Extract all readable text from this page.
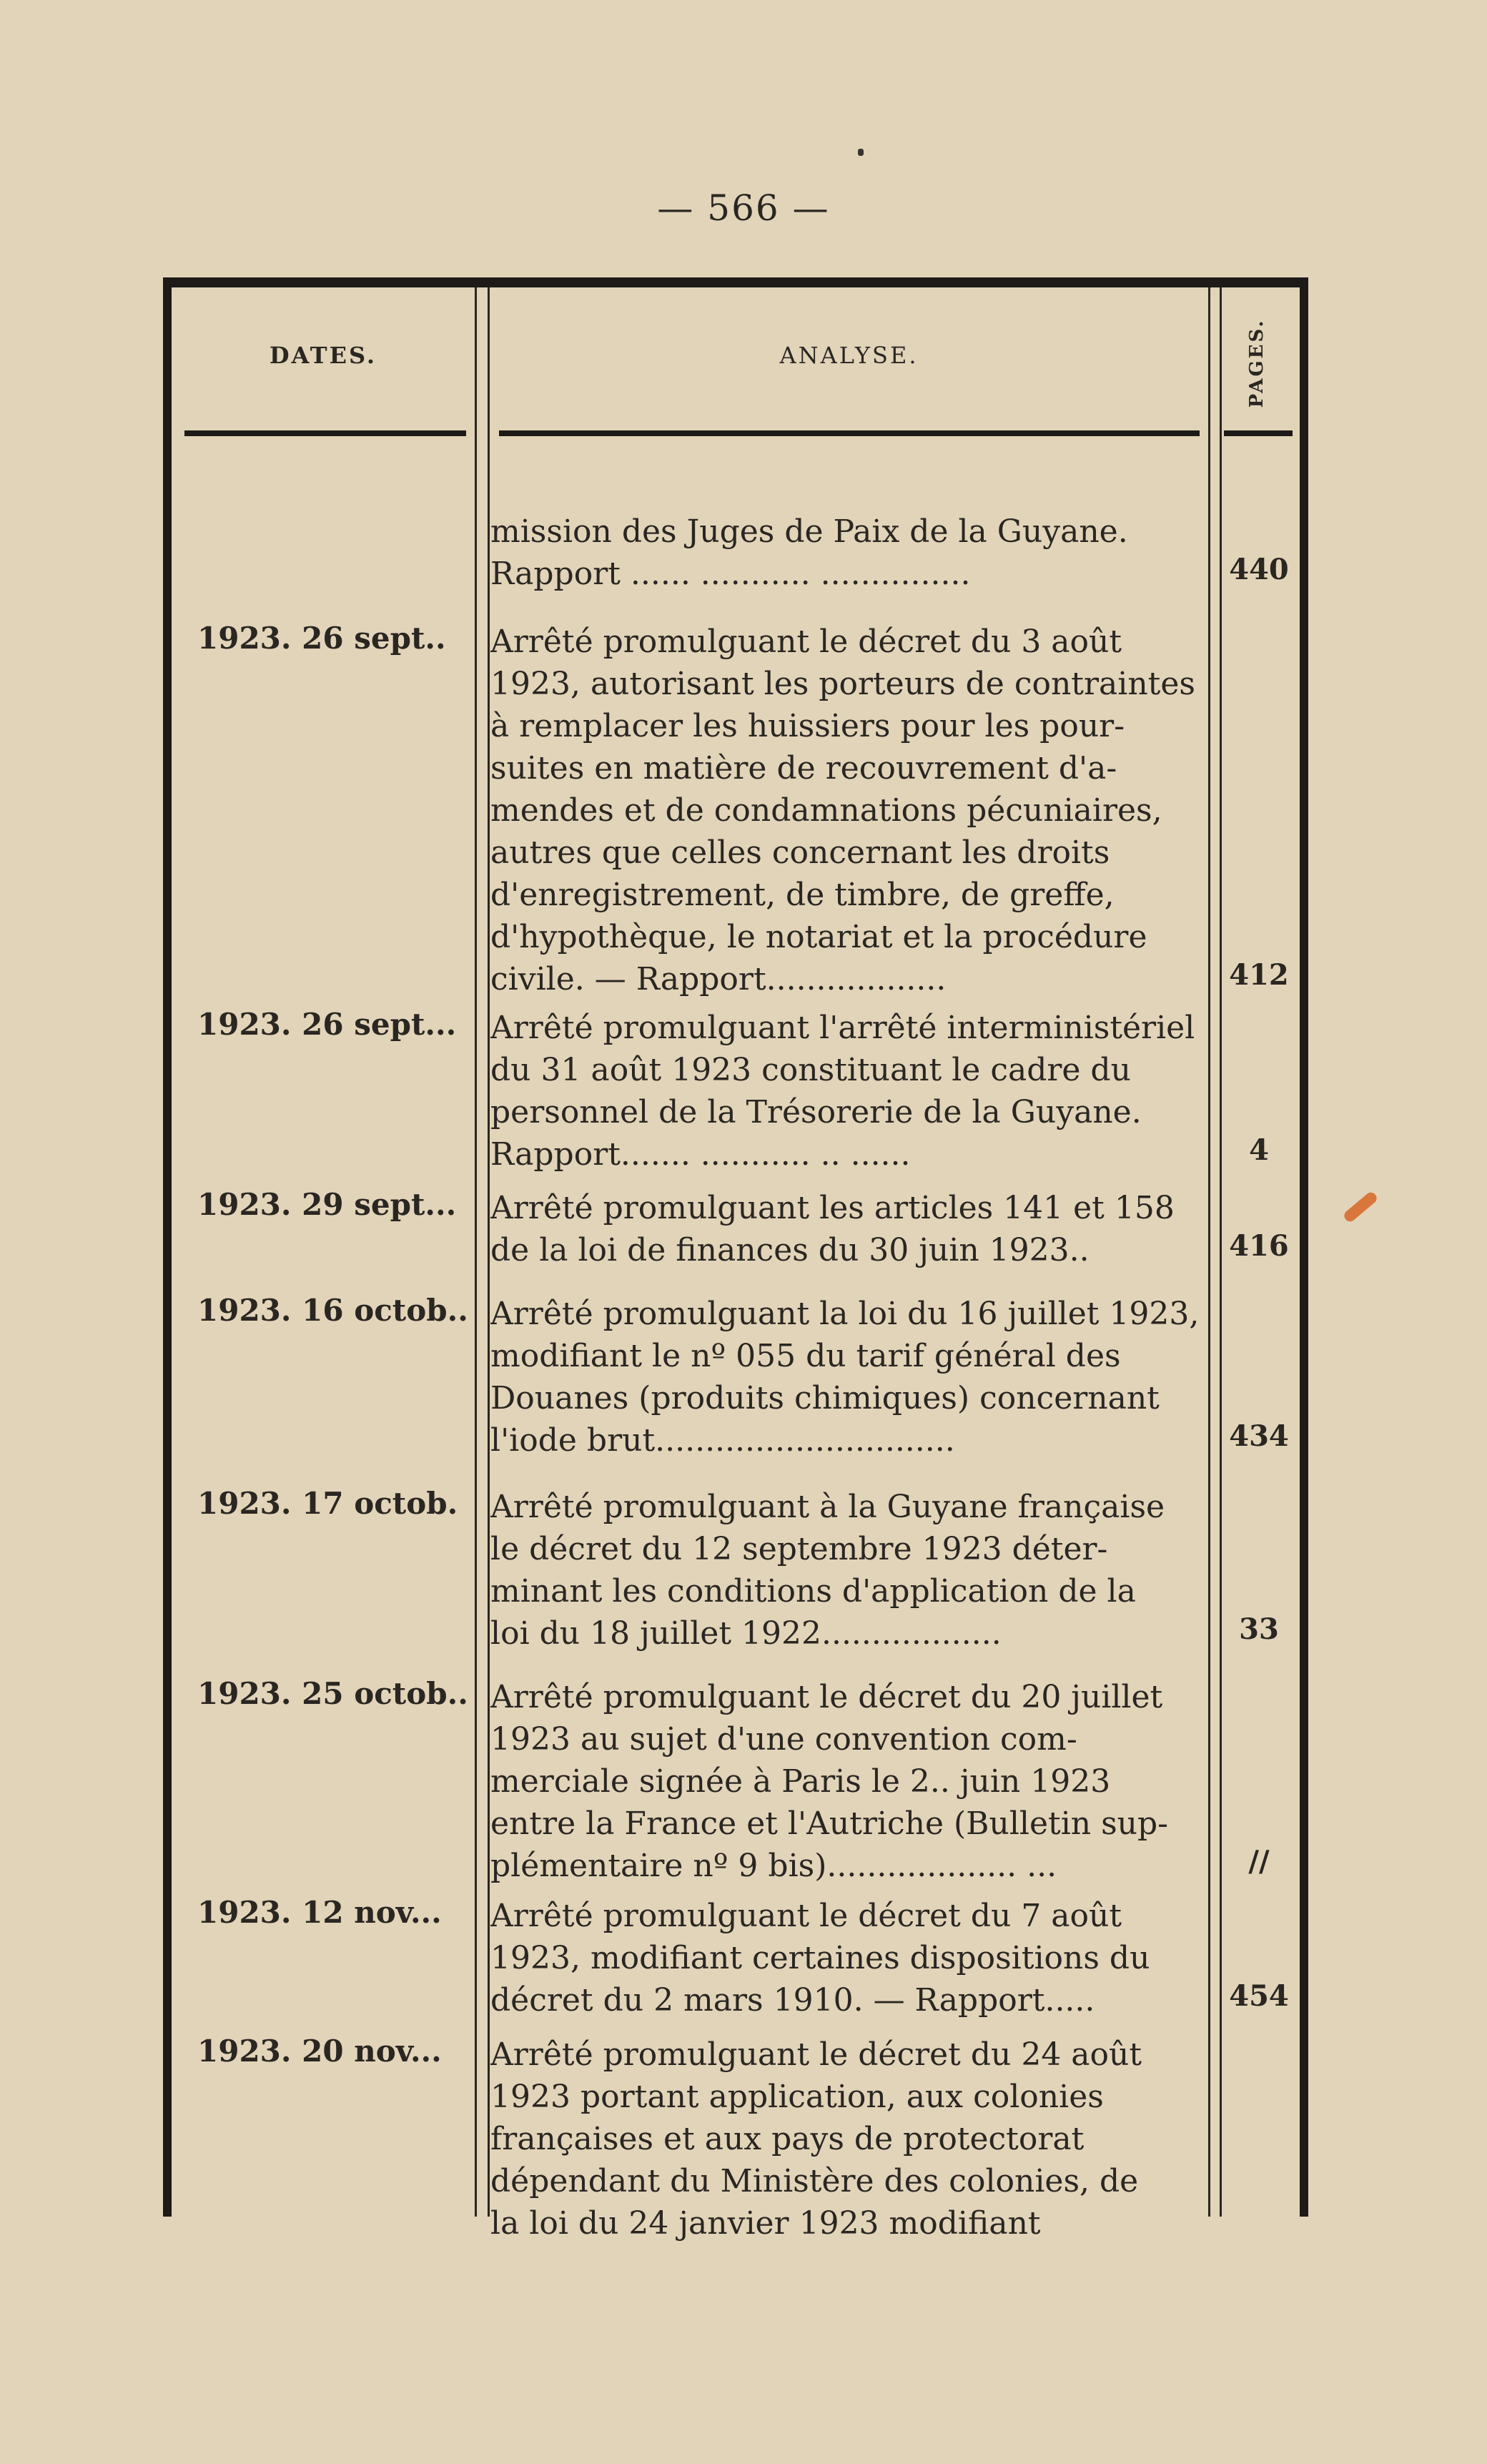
— 566 —
DATES.	ANALYSE.	PAGES.
mission des Juges de Paix de la Guyane.
Rapport ...... ........... ...............	440
1923. 26 sept..	Arrêté promulguant le décret du 3 août
1923, autorisant les porteurs de contraintes
à remplacer les huissiers pour les pour-
suites en matière de recouvrement d'a-
mendes et de condamnations pécuniaires,
autres que celles concernant les droits
d'enregistrement, de timbre, de greffe,
d'hypothèque, le notariat et la procédure
civile. — Rapport..................	412
1923. 26 sept...	Arrêté promulguant l'arrêté interministériel
du 31 août 1923 constituant le cadre du
personnel de la Trésorerie de la Guyane.
Rapport....... ........... .. ......	4
1923. 29 sept...	Arrêté promulguant les articles 141 et 158
de la loi de finances du 30 juin 1923..	416
1923. 16 octob.. Arrêté promulguant la loi du 16 juillet 1923,
modifiant le nº 055 du tarif général des
Douanes (produits chimiques) concernant
l'iode brut..............................	434
1923. 17 octob.	Arrêté promulguant à la Guyane française
le décret du 12 septembre 1923 déter-
minant les conditions d'application de la
loi du 18 juillet 1922..................	33
1923. 25 octob.. Arrêté promulguant le décret du 20 juillet
1923 au sujet d'une convention com-
merciale signée à Paris le 2.. juin 1923
entre la France et l'Autriche (Bulletin sup-
plémentaire nº 9 bis)................... ...	//
1923. 12 nov...	Arrêté promulguant le décret du 7 août
1923, modifiant certaines dispositions du
décret du 2 mars 1910. — Rapport.....	454
1923. 20 nov...	Arrêté promulguant le décret du 24 août
1923 portant application, aux colonies
françaises et aux pays de protectorat
dépendant du Ministère des colonies, de
la loi du 24 janvier 1923 modifiant
